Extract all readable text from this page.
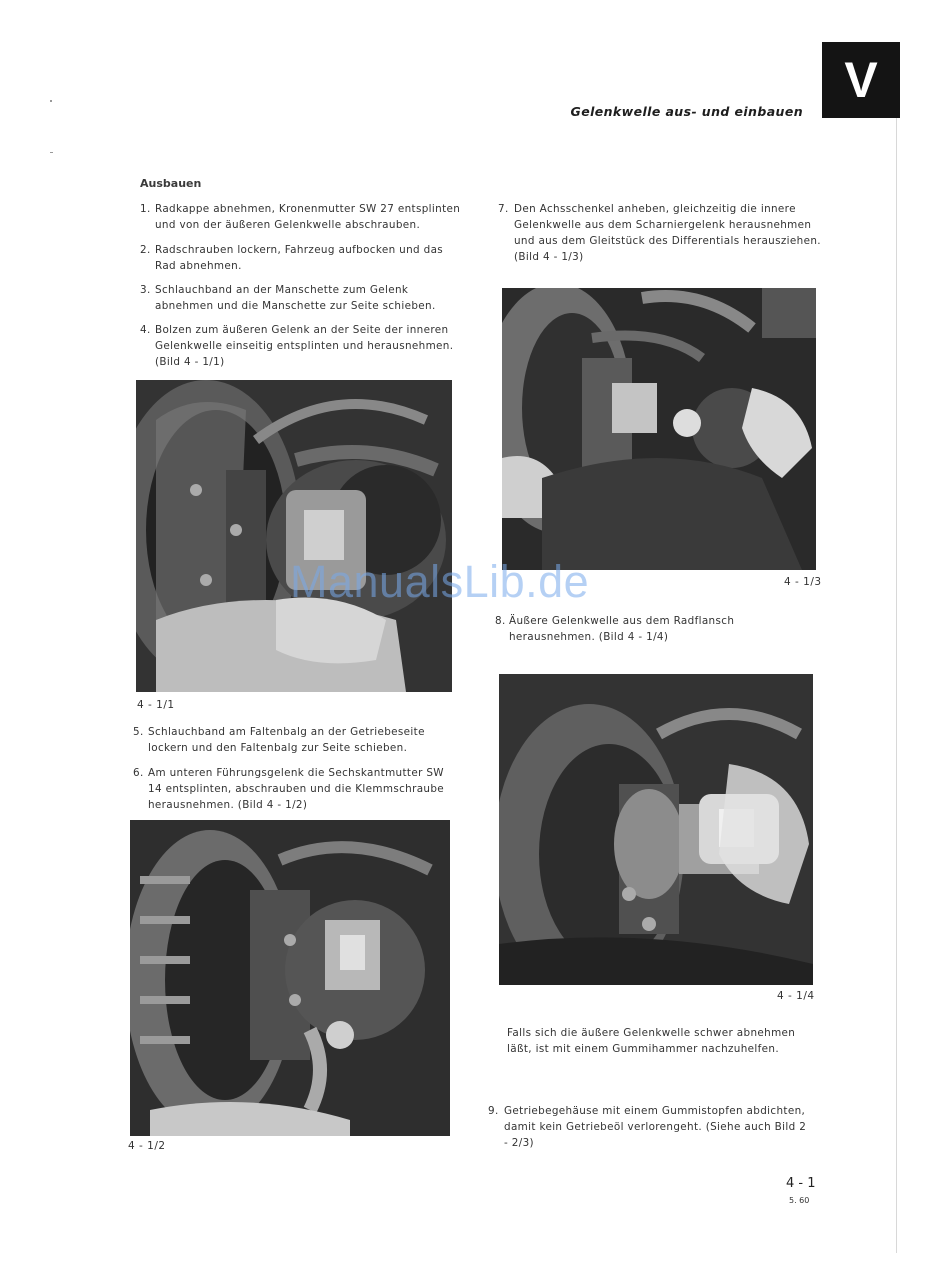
V
Gelenkwelle aus- und einbauen
Ausbauen
1. Radkappe abnehmen, Kronenmutter SW 27 entsplinten und von der äußeren Gelenkwelle abschrauben.
2. Radschrauben lockern, Fahrzeug aufbocken und das Rad abnehmen.
3. Schlauchband an der Manschette zum Gelenk abnehmen und die Manschette zur Seite schieben.
4. Bolzen zum äußeren Gelenk an der Seite der inneren Gelenkwelle einseitig entsplinten und herausnehmen. (Bild 4 - 1/1)
4 - 1/1
5. Schlauchband am Faltenbalg an der Getriebeseite lockern und den Faltenbalg zur Seite schieben.
6. Am unteren Führungsgelenk die Sechskantmutter SW 14 entsplinten, abschrauben und die Klemmschraube herausnehmen. (Bild 4 - 1/2)
4 - 1/2
7. Den Achsschenkel anheben, gleichzeitig die innere Gelenkwelle aus dem Scharniergelenk herausnehmen und aus dem Gleitstück des Differentials herausziehen. (Bild 4 - 1/3)
4 - 1/3
8. Äußere Gelenkwelle aus dem Radflansch herausnehmen. (Bild 4 - 1/4)
4 - 1/4
Falls sich die äußere Gelenkwelle schwer abnehmen läßt, ist mit einem Gummihammer nachzuhelfen.
9. Getriebegehäuse mit einem Gummistopfen abdichten, damit kein Getriebeöl verlorengeht. (Siehe auch Bild 2 - 2/3)
ManualsLib.de
4 - 1
5. 60
